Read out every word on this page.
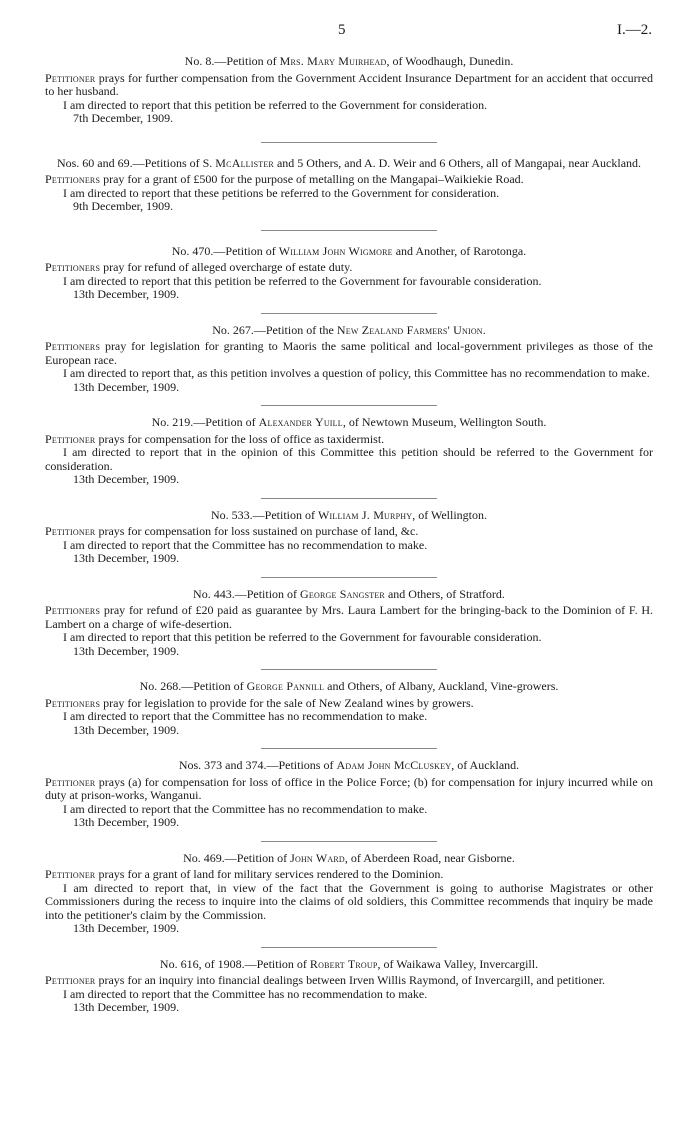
5	I.—2.

No. 8.—Petition of Mrs. Mary Muirhead, of Woodhaugh, Dunedin.

Petitioner prays for further compensation from the Government Accident Insurance Department for an accident that occurred to her husband.

I am directed to report that this petition be referred to the Government for consideration.

7th December, 1909.

Nos. 60 and 69.—Petitions of S. McAllister and 5 Others, and A. D. Weir and 6 Others, all of Mangapai, near Auckland.

Petitioners pray for a grant of £500 for the purpose of metalling on the Mangapai–Waikiekie Road.

I am directed to report that these petitions be referred to the Government for consideration.

9th December, 1909.

No. 470.—Petition of William John Wigmore and Another, of Rarotonga.

Petitioners pray for refund of alleged overcharge of estate duty.

I am directed to report that this petition be referred to the Government for favourable consideration.

13th December, 1909.

No. 267.—Petition of the New Zealand Farmers' Union.

Petitioners pray for legislation for granting to Maoris the same political and local-government privileges as those of the European race.

I am directed to report that, as this petition involves a question of policy, this Committee has no recommendation to make.

13th December, 1909.

No. 219.—Petition of Alexander Yuill, of Newtown Museum, Wellington South.

Petitioner prays for compensation for the loss of office as taxidermist.

I am directed to report that in the opinion of this Committee this petition should be referred to the Government for consideration.

13th December, 1909.

No. 533.—Petition of William J. Murphy, of Wellington.

Petitioner prays for compensation for loss sustained on purchase of land, &c.

I am directed to report that the Committee has no recommendation to make.

13th December, 1909.

No. 443.—Petition of George Sangster and Others, of Stratford.

Petitioners pray for refund of £20 paid as guarantee by Mrs. Laura Lambert for the bringing-back to the Dominion of F. H. Lambert on a charge of wife-desertion.

I am directed to report that this petition be referred to the Government for favourable consideration.

13th December, 1909.

No. 268.—Petition of George Pannill and Others, of Albany, Auckland, Vine-growers.

Petitioners pray for legislation to provide for the sale of New Zealand wines by growers.

I am directed to report that the Committee has no recommendation to make.

13th December, 1909.

Nos. 373 and 374.—Petitions of Adam John McCluskey, of Auckland.

Petitioner prays (a) for compensation for loss of office in the Police Force; (b) for compensation for injury incurred while on duty at prison-works, Wanganui.

I am directed to report that the Committee has no recommendation to make.

13th December, 1909.

No. 469.—Petition of John Ward, of Aberdeen Road, near Gisborne.

Petitioner prays for a grant of land for military services rendered to the Dominion.

I am directed to report that, in view of the fact that the Government is going to authorise Magistrates or other Commissioners during the recess to inquire into the claims of old soldiers, this Committee recommends that inquiry be made into the petitioner's claim by the Commission.

13th December, 1909.

No. 616, of 1908.—Petition of Robert Troup, of Waikawa Valley, Invercargill.

Petitioner prays for an inquiry into financial dealings between Irven Willis Raymond, of Invercargill, and petitioner.

I am directed to report that the Committee has no recommendation to make.

13th December, 1909.
